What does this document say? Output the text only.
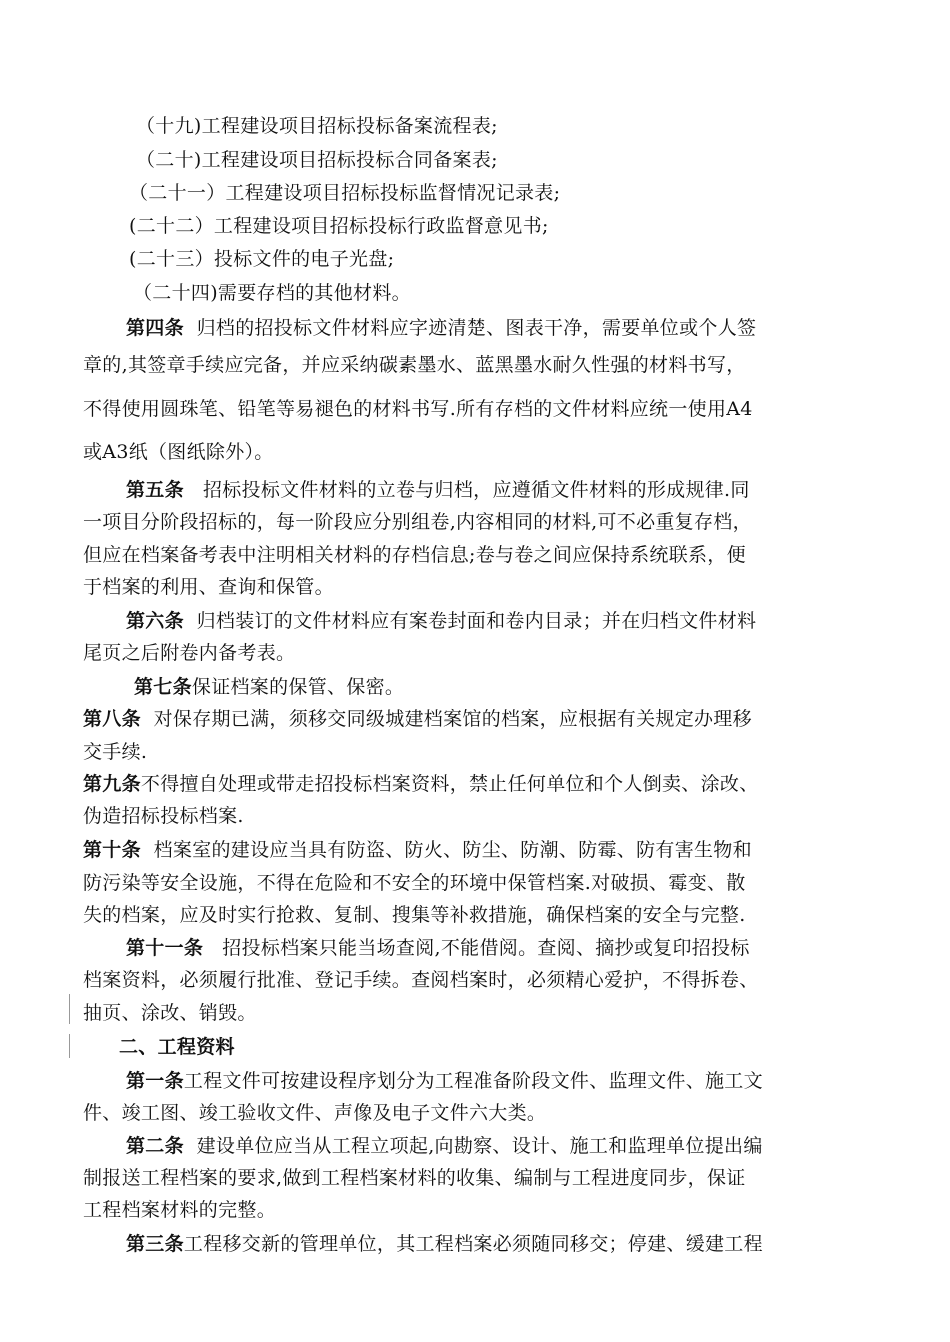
（十九)工程建设项目招标投标备案流程表;
（二十)工程建设项目招标投标合同备案表;
（二十一）工程建设项目招标投标监督情况记录表;
(二十二）工程建设项目招标投标行政监督意见书;
(二十三）投标文件的电子光盘;
（二十四)需要存档的其他材料。
第四条 归档的招投标文件材料应字迹清楚、图表干净，需要单位或个人签
章的,其签章手续应完备，并应采纳碳素墨水、蓝黑墨水耐久性强的材料书写，
不得使用圆珠笔、铅笔等易褪色的材料书写.所有存档的文件材料应统一使用A4
或A3纸（图纸除外）。
第五条 招标投标文件材料的立卷与归档，应遵循文件材料的形成规律.同
一项目分阶段招标的，每一阶段应分别组卷,内容相同的材料,可不必重复存档，
但应在档案备考表中注明相关材料的存档信息;卷与卷之间应保持系统联系，便
于档案的利用、查询和保管。
第六条 归档装订的文件材料应有案卷封面和卷内目录；并在归档文件材料
尾页之后附卷内备考表。
第七条保证档案的保管、保密。
第八条 对保存期已满，须移交同级城建档案馆的档案，应根据有关规定办理移
交手续.
第九条不得擅自处理或带走招投标档案资料，禁止任何单位和个人倒卖、涂改、
伪造招标投标档案.
第十条 档案室的建设应当具有防盗、防火、防尘、防潮、防霉、防有害生物和
防污染等安全设施，不得在危险和不安全的环境中保管档案.对破损、霉变、散
失的档案，应及时实行抢救、复制、搜集等补救措施，确保档案的安全与完整.
第十一条 招投标档案只能当场查阅,不能借阅。查阅、摘抄或复印招投标
档案资料，必须履行批准、登记手续。查阅档案时，必须精心爱护，不得拆卷、
抽页、涂改、销毁。
二、工程资料
第一条工程文件可按建设程序划分为工程准备阶段文件、监理文件、施工文
件、竣工图、竣工验收文件、声像及电子文件六大类。
第二条 建设单位应当从工程立项起,向勘察、设计、施工和监理单位提出编
制报送工程档案的要求,做到工程档案材料的收集、编制与工程进度同步，保证
工程档案材料的完整。
第三条工程移交新的管理单位，其工程档案必须随同移交；停建、缓建工程
